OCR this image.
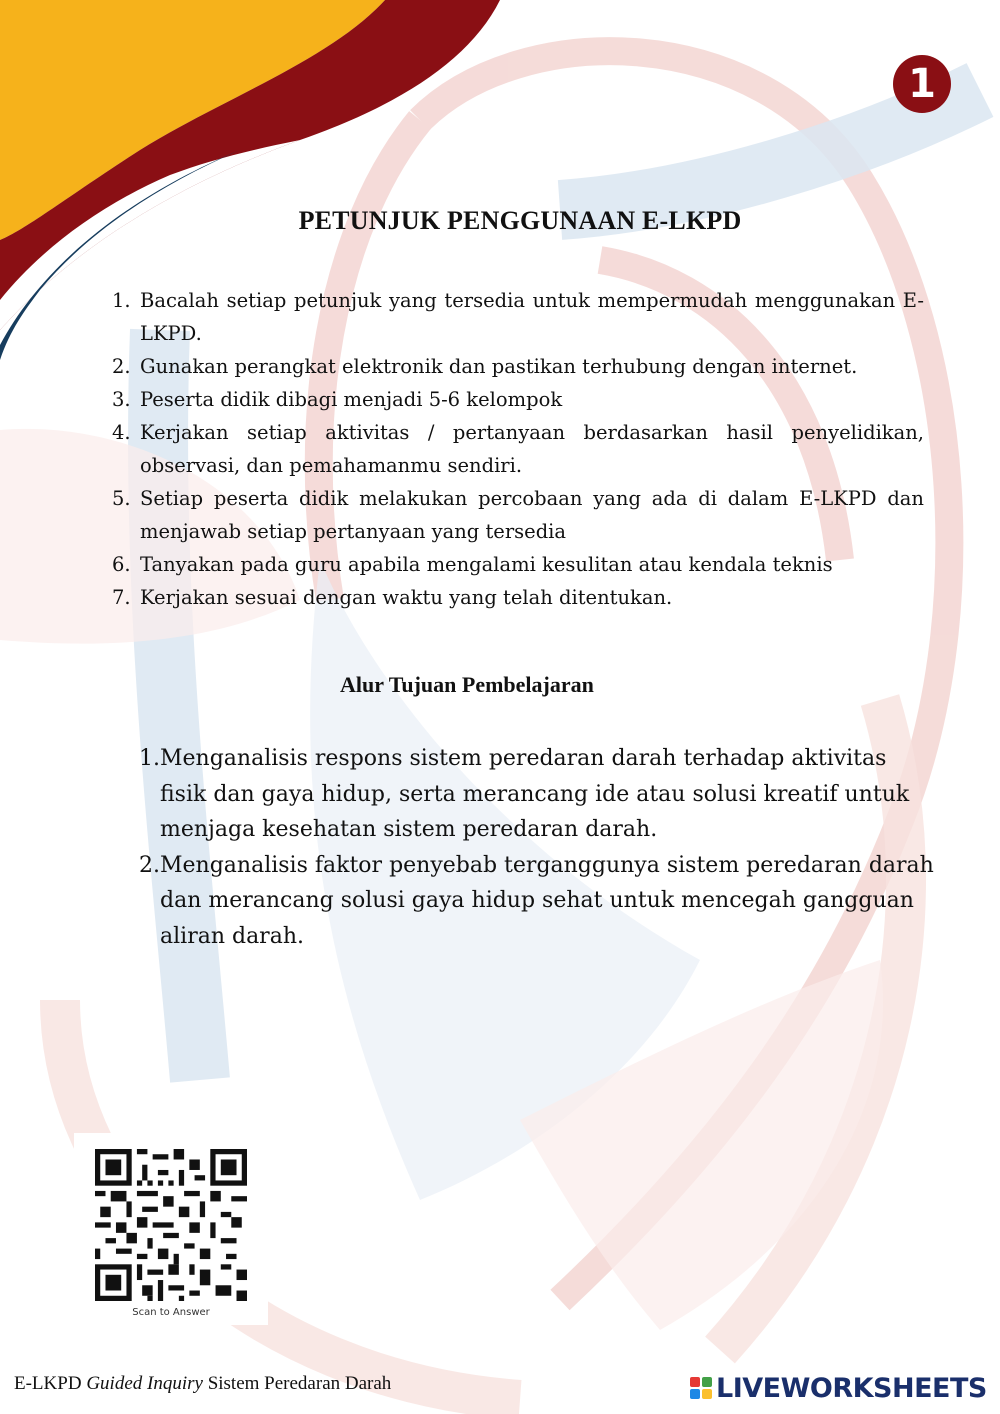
1
PETUNJUK PENGGUNAAN E-LKPD
1. Bacalah setiap petunjuk yang tersedia untuk mempermudah menggunakan E-LKPD.
2. Gunakan perangkat elektronik dan pastikan terhubung dengan internet.
3. Peserta didik dibagi menjadi 5-6 kelompok
4. Kerjakan setiap aktivitas / pertanyaan berdasarkan hasil penyelidikan, observasi, dan pemahamanmu sendiri.
5. Setiap peserta didik melakukan percobaan yang ada di dalam E-LKPD dan menjawab setiap pertanyaan yang tersedia
6. Tanyakan pada guru apabila mengalami kesulitan atau kendala teknis
7. Kerjakan sesuai dengan waktu yang telah ditentukan.
Alur Tujuan Pembelajaran
1. Menganalisis respons sistem peredaran darah terhadap aktivitas fisik dan gaya hidup, serta merancang ide atau solusi kreatif untuk menjaga kesehatan sistem peredaran darah.
2. Menganalisis faktor penyebab terganggunya sistem peredaran darah dan merancang solusi gaya hidup sehat untuk mencegah gangguan aliran darah.
Scan to Answer
E-LKPD Guided Inquiry Sistem Peredaran Darah	LIVEWORKSHEETS
